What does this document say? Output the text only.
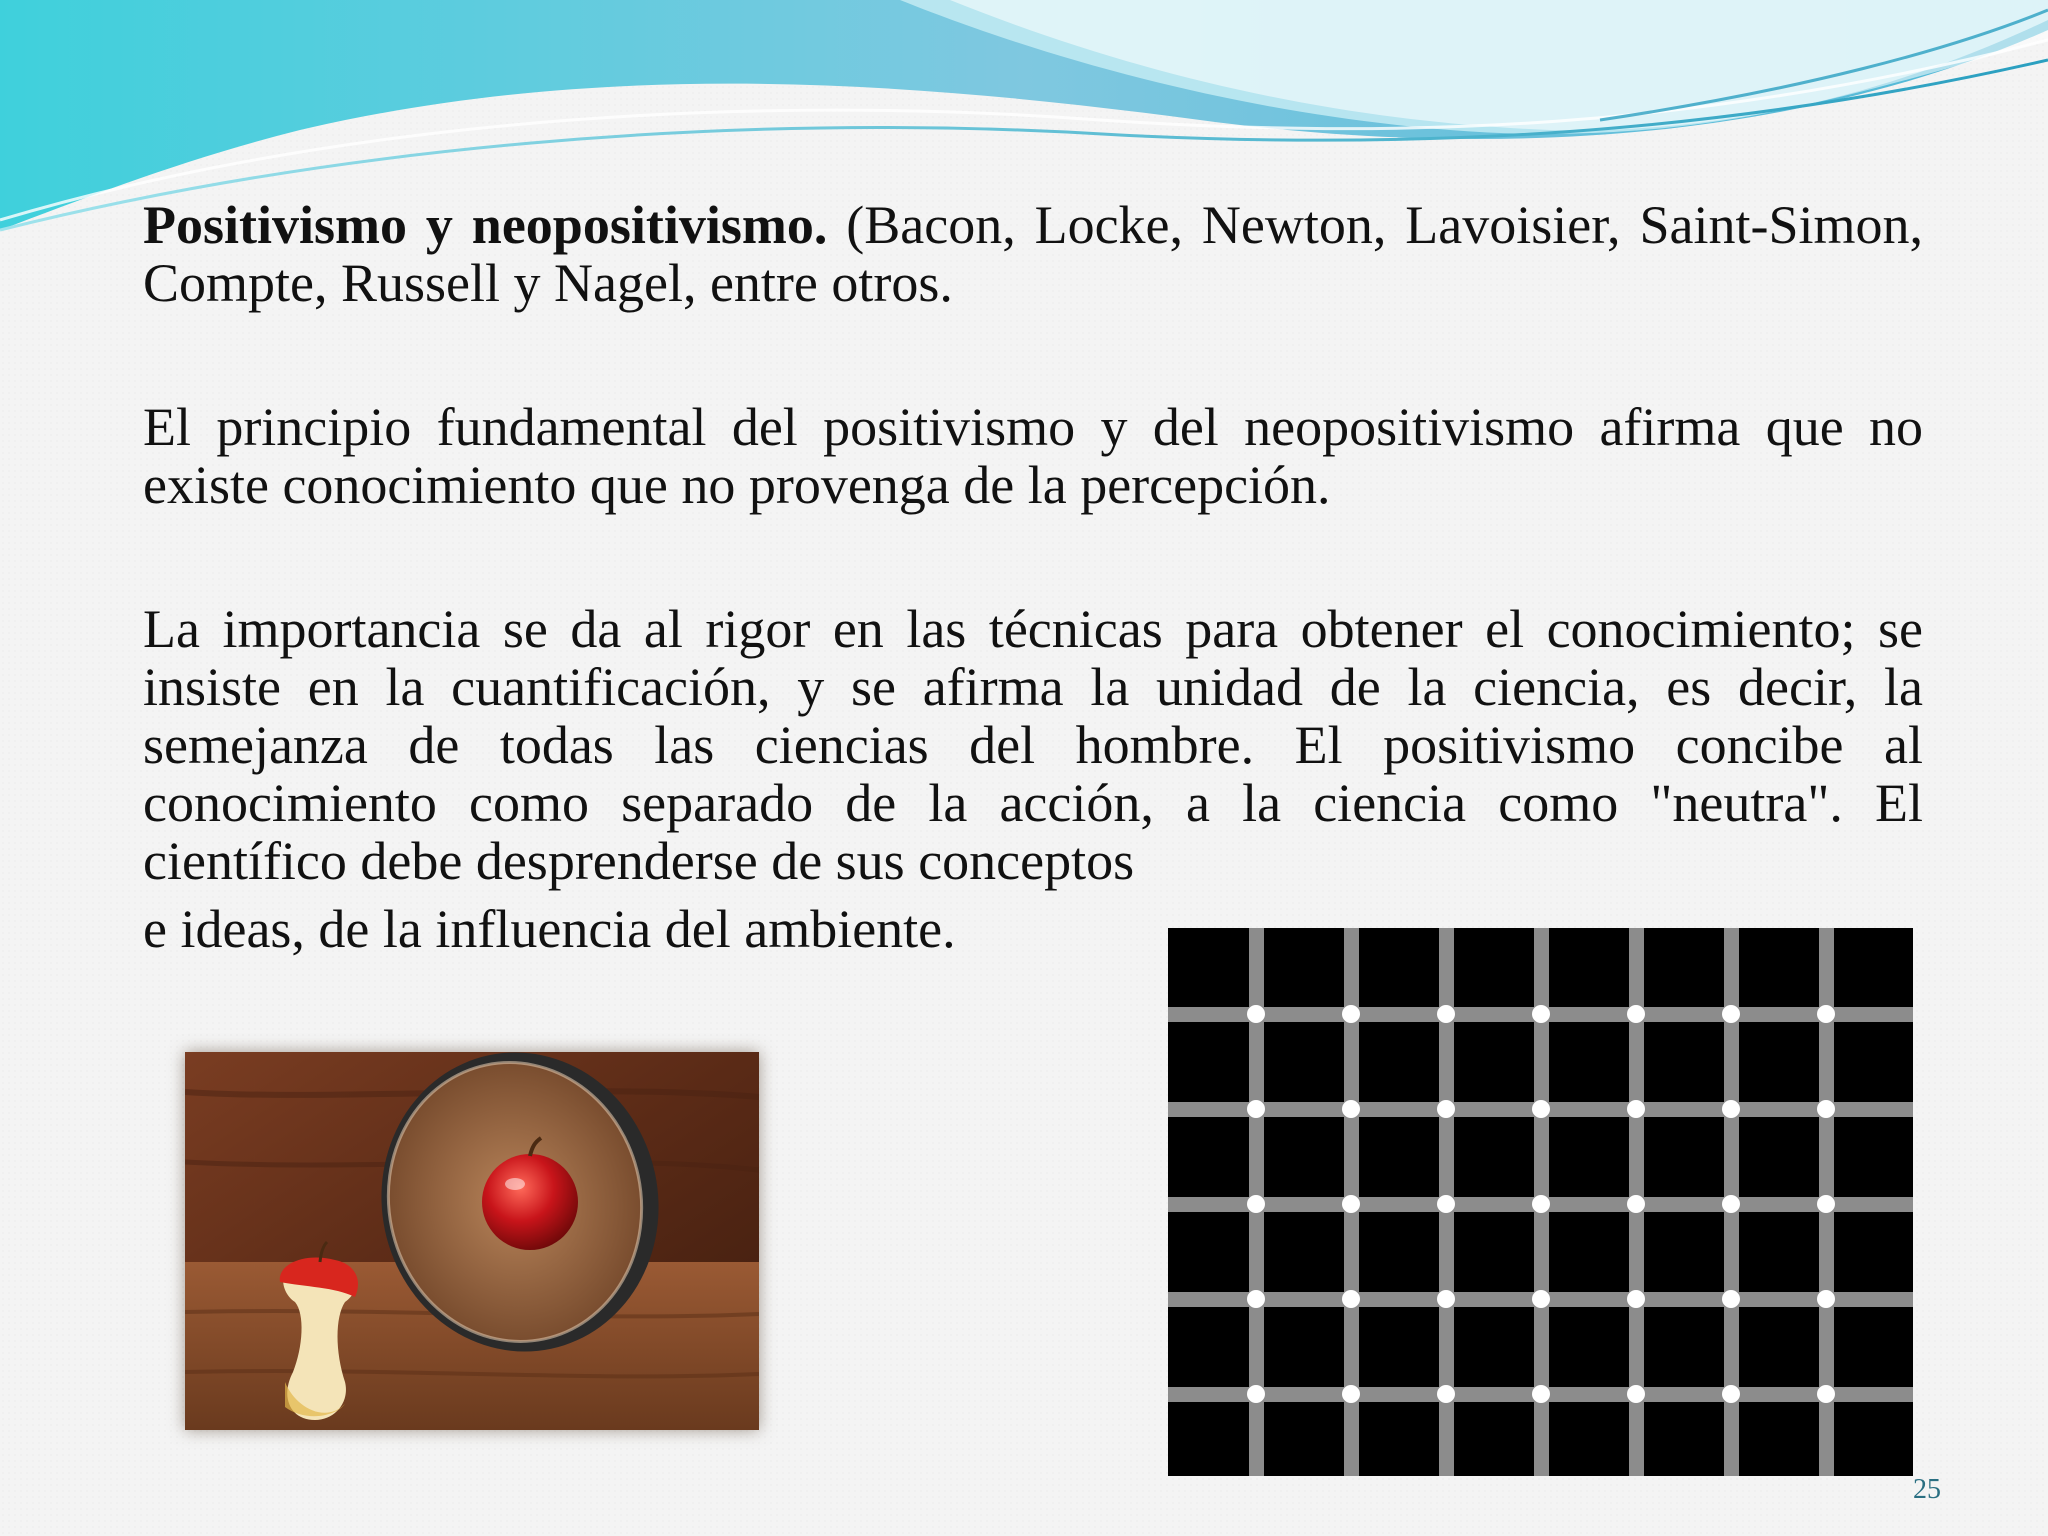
Positivismo y neopositivismo. (Bacon, Locke, Newton, Lavoisier, Saint-Simon, Compte, Russell y Nagel, entre otros.
El principio fundamental del positivismo y del neopositivismo afirma que no existe conocimiento que no provenga de la percepción.
La importancia se da al rigor en las técnicas para obtener el conocimiento; se insiste en la cuantificación, y se afirma la unidad de la ciencia, es decir, la semejanza de todas las ciencias del hombre. El positivismo concibe al conocimiento como separado de la acción, a la ciencia como "neutra". El científico debe desprenderse de sus conceptos
e ideas, de la influencia del ambiente.
25
